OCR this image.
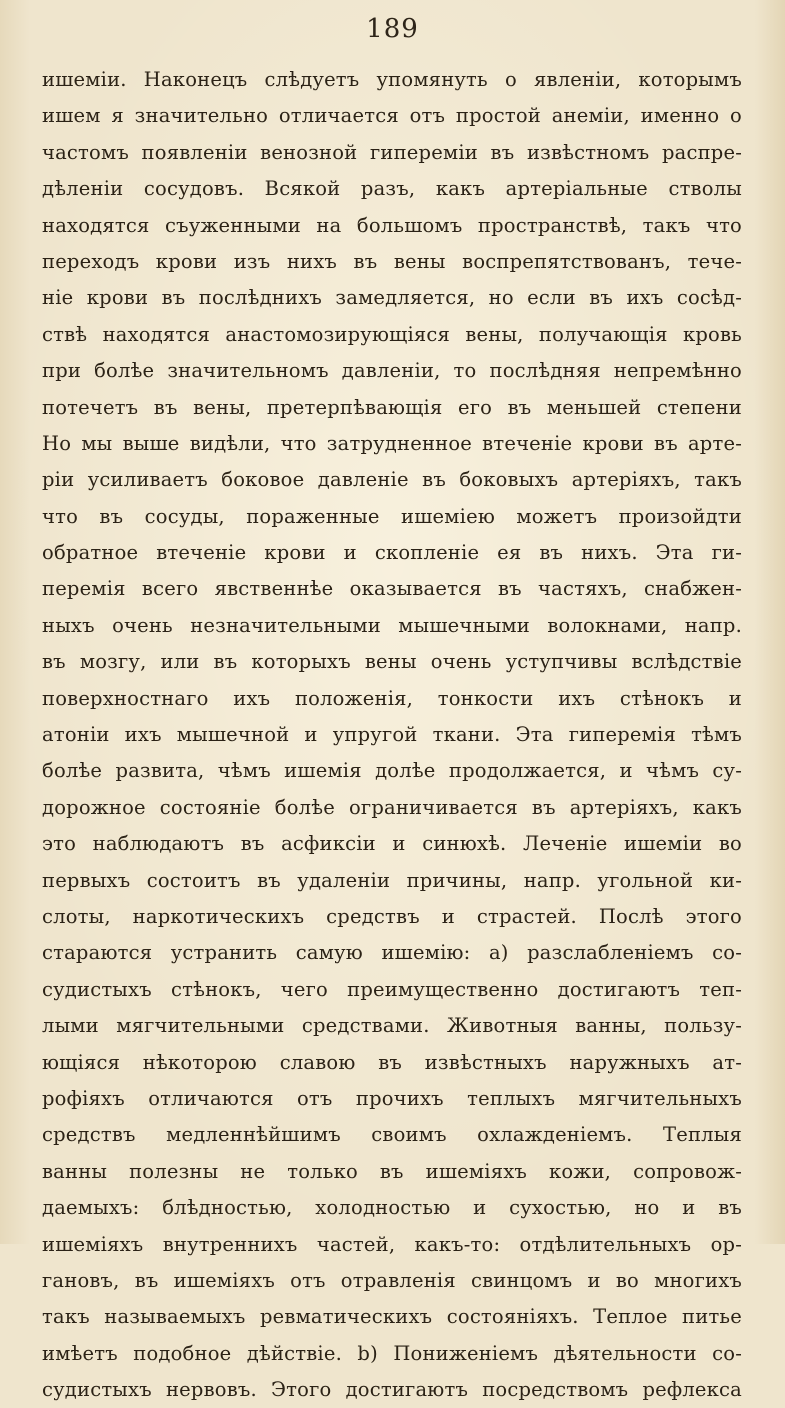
189
ишеміи. Наконецъ слѣдуетъ упомянуть о явленіи, которымъ
ишем я значительно отличается отъ простой анеміи, именно о
частомъ появленіи венозной гипереміи въ извѣстномъ распре-
дѣленіи сосудовъ. Всякой разъ, какъ артеріальные стволы
находятся съуженными на большомъ пространствѣ, такъ что
переходъ крови изъ нихъ въ вены воспрепятствованъ, тече-
ніе крови въ послѣднихъ замедляется, но если въ ихъ сосѣд-
ствѣ находятся анастомозирующіяся вены, получающія кровь
при болѣе значительномъ давленіи, то послѣдняя непремѣнно
потечетъ въ вены, претерпѣвающія его въ меньшей степени
Но мы выше видѣли, что затрудненное втеченіе крови въ арте-
ріи усиливаетъ боковое давленіе въ боковыхъ артеріяхъ, такъ
что въ сосуды, пораженные ишеміею можетъ произойдти
обратное втеченіе крови и скопленіе ея въ нихъ. Эта ги-
перемія всего явственнѣе оказывается въ частяхъ, снабжен-
ныхъ очень незначительными мышечными волокнами, напр.
въ мозгу, или въ которыхъ вены очень уступчивы вслѣдствіе
поверхностнаго ихъ положенія, тонкости ихъ стѣнокъ и
атоніи ихъ мышечной и упругой ткани. Эта гиперемія тѣмъ
болѣе развита, чѣмъ ишемія долѣе продолжается, и чѣмъ су-
дорожное состояніе болѣе ограничивается въ артеріяхъ, какъ
это наблюдаютъ въ асфиксіи и синюхѣ. Леченіе ишеміи во
первыхъ состоитъ въ удаленіи причины, напр. угольной ки-
слоты, наркотическихъ средствъ и страстей. Послѣ этого
стараются устранить самую ишемію: а) разслабленіемъ со-
судистыхъ стѣнокъ, чего преимущественно достигаютъ теп-
лыми мягчительными средствами. Животныя ванны, пользу-
ющіяся нѣкоторою славою въ извѣстныхъ наружныхъ ат-
рофіяхъ отличаются отъ прочихъ теплыхъ мягчительныхъ
средствъ медленнѣйшимъ своимъ охлажденіемъ. Теплыя
ванны полезны не только въ ишеміяхъ кожи, сопровож-
даемыхъ: блѣдностью, холодностью и сухостью, но и въ
ишеміяхъ внутреннихъ частей, какъ-то: отдѣлительныхъ ор-
гановъ, въ ишеміяхъ отъ отравленія свинцомъ и во многихъ
такъ называемыхъ ревматическихъ состояніяхъ. Теплое питье
имѣетъ подобное дѣйствіе. b) Пониженіемъ дѣятельности со-
судистыхъ нервовъ. Этого достигаютъ посредствомъ рефлекса
